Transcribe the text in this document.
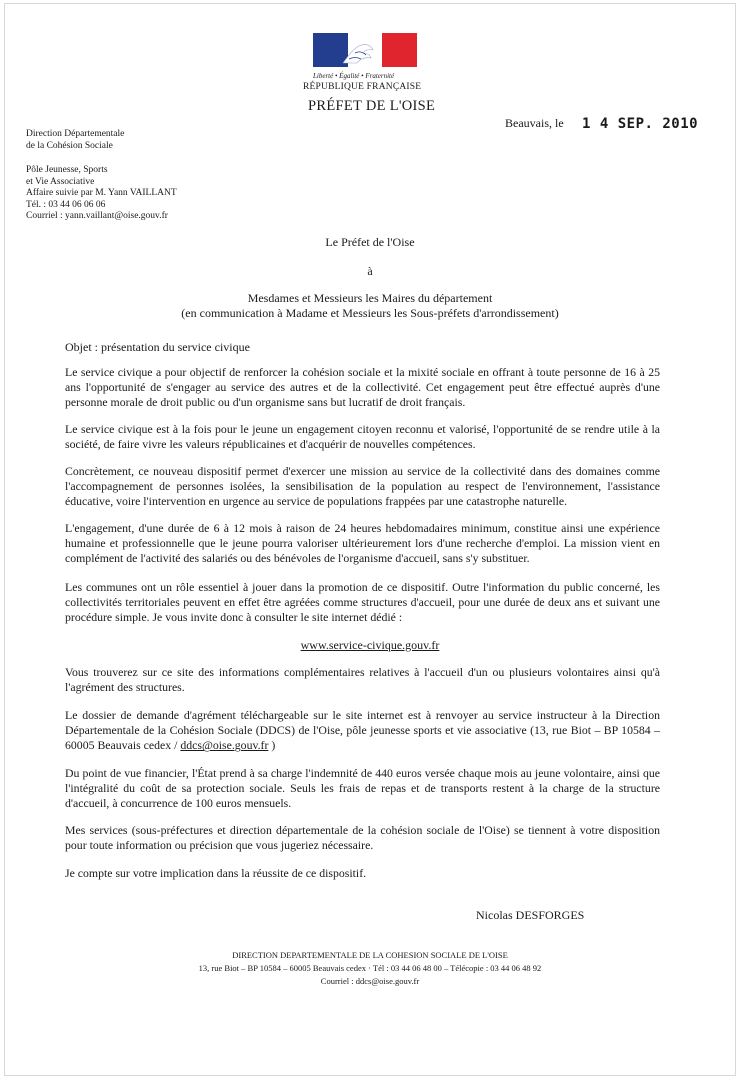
Liberté • Égalité • Fraternité
RÉPUBLIQUE FRANÇAISE
PRÉFET DE L'OISE
Beauvais, le 1 4 SEP. 2010
Direction Départementale
de la Cohésion Sociale
Pôle Jeunesse, Sports
et Vie Associative
Affaire suivie par M. Yann VAILLANT
Tél. : 03 44 06 06 06
Courriel : yann.vaillant@oise.gouv.fr
Le Préfet de l'Oise
à
Mesdames et Messieurs les Maires du département
(en communication à Madame et Messieurs les Sous-préfets d'arrondissement)
Objet : présentation du service civique
Le service civique a pour objectif de renforcer la cohésion sociale et la mixité sociale en offrant à toute personne de 16 à 25 ans l'opportunité de s'engager au service des autres et de la collectivité. Cet engagement peut être effectué auprès d'une personne morale de droit public ou d'un organisme sans but lucratif de droit français.
Le service civique est à la fois pour le jeune un engagement citoyen reconnu et valorisé, l'opportunité de se rendre utile à la société, de faire vivre les valeurs républicaines et d'acquérir de nouvelles compétences.
Concrètement, ce nouveau dispositif permet d'exercer une mission au service de la collectivité dans des domaines comme l'accompagnement de personnes isolées, la sensibilisation de la population au respect de l'environnement, l'assistance éducative, voire l'intervention en urgence au service de populations frappées par une catastrophe naturelle.
L'engagement, d'une durée de 6 à 12 mois à raison de 24 heures hebdomadaires minimum, constitue ainsi une expérience humaine et professionnelle que le jeune pourra valoriser ultérieurement lors d'une recherche d'emploi. La mission vient en complément de l'activité des salariés ou des bénévoles de l'organisme d'accueil, sans s'y substituer.
Les communes ont un rôle essentiel à jouer dans la promotion de ce dispositif. Outre l'information du public concerné, les collectivités territoriales peuvent en effet être agréées comme structures d'accueil, pour une durée de deux ans et suivant une procédure simple. Je vous invite donc à consulter le site internet dédié :
www.service-civique.gouv.fr
Vous trouverez sur ce site des informations complémentaires relatives à l'accueil d'un ou plusieurs volontaires ainsi qu'à l'agrément des structures.
Le dossier de demande d'agrément téléchargeable sur le site internet est à renvoyer au service instructeur à la Direction Départementale de la Cohésion Sociale (DDCS) de l'Oise, pôle jeunesse sports et vie associative (13, rue Biot – BP 10584 – 60005 Beauvais cedex / ddcs@oise.gouv.fr )
Du point de vue financier, l'État prend à sa charge l'indemnité de 440 euros versée chaque mois au jeune volontaire, ainsi que l'intégralité du coût de sa protection sociale. Seuls les frais de repas et de transports restent à la charge de la structure d'accueil, à concurrence de 100 euros mensuels.
Mes services (sous-préfectures et direction départementale de la cohésion sociale de l'Oise) se tiennent à votre disposition pour toute information ou précision que vous jugeriez nécessaire.
Je compte sur votre implication dans la réussite de ce dispositif.
Nicolas DESFORGES
DIRECTION DEPARTEMENTALE DE LA COHESION SOCIALE DE L'OISE
13, rue Biot – BP 10584 – 60005 Beauvais cedex · Tél : 03 44 06 48 00 – Télécopie : 03 44 06 48 92
Courriel : ddcs@oise.gouv.fr
